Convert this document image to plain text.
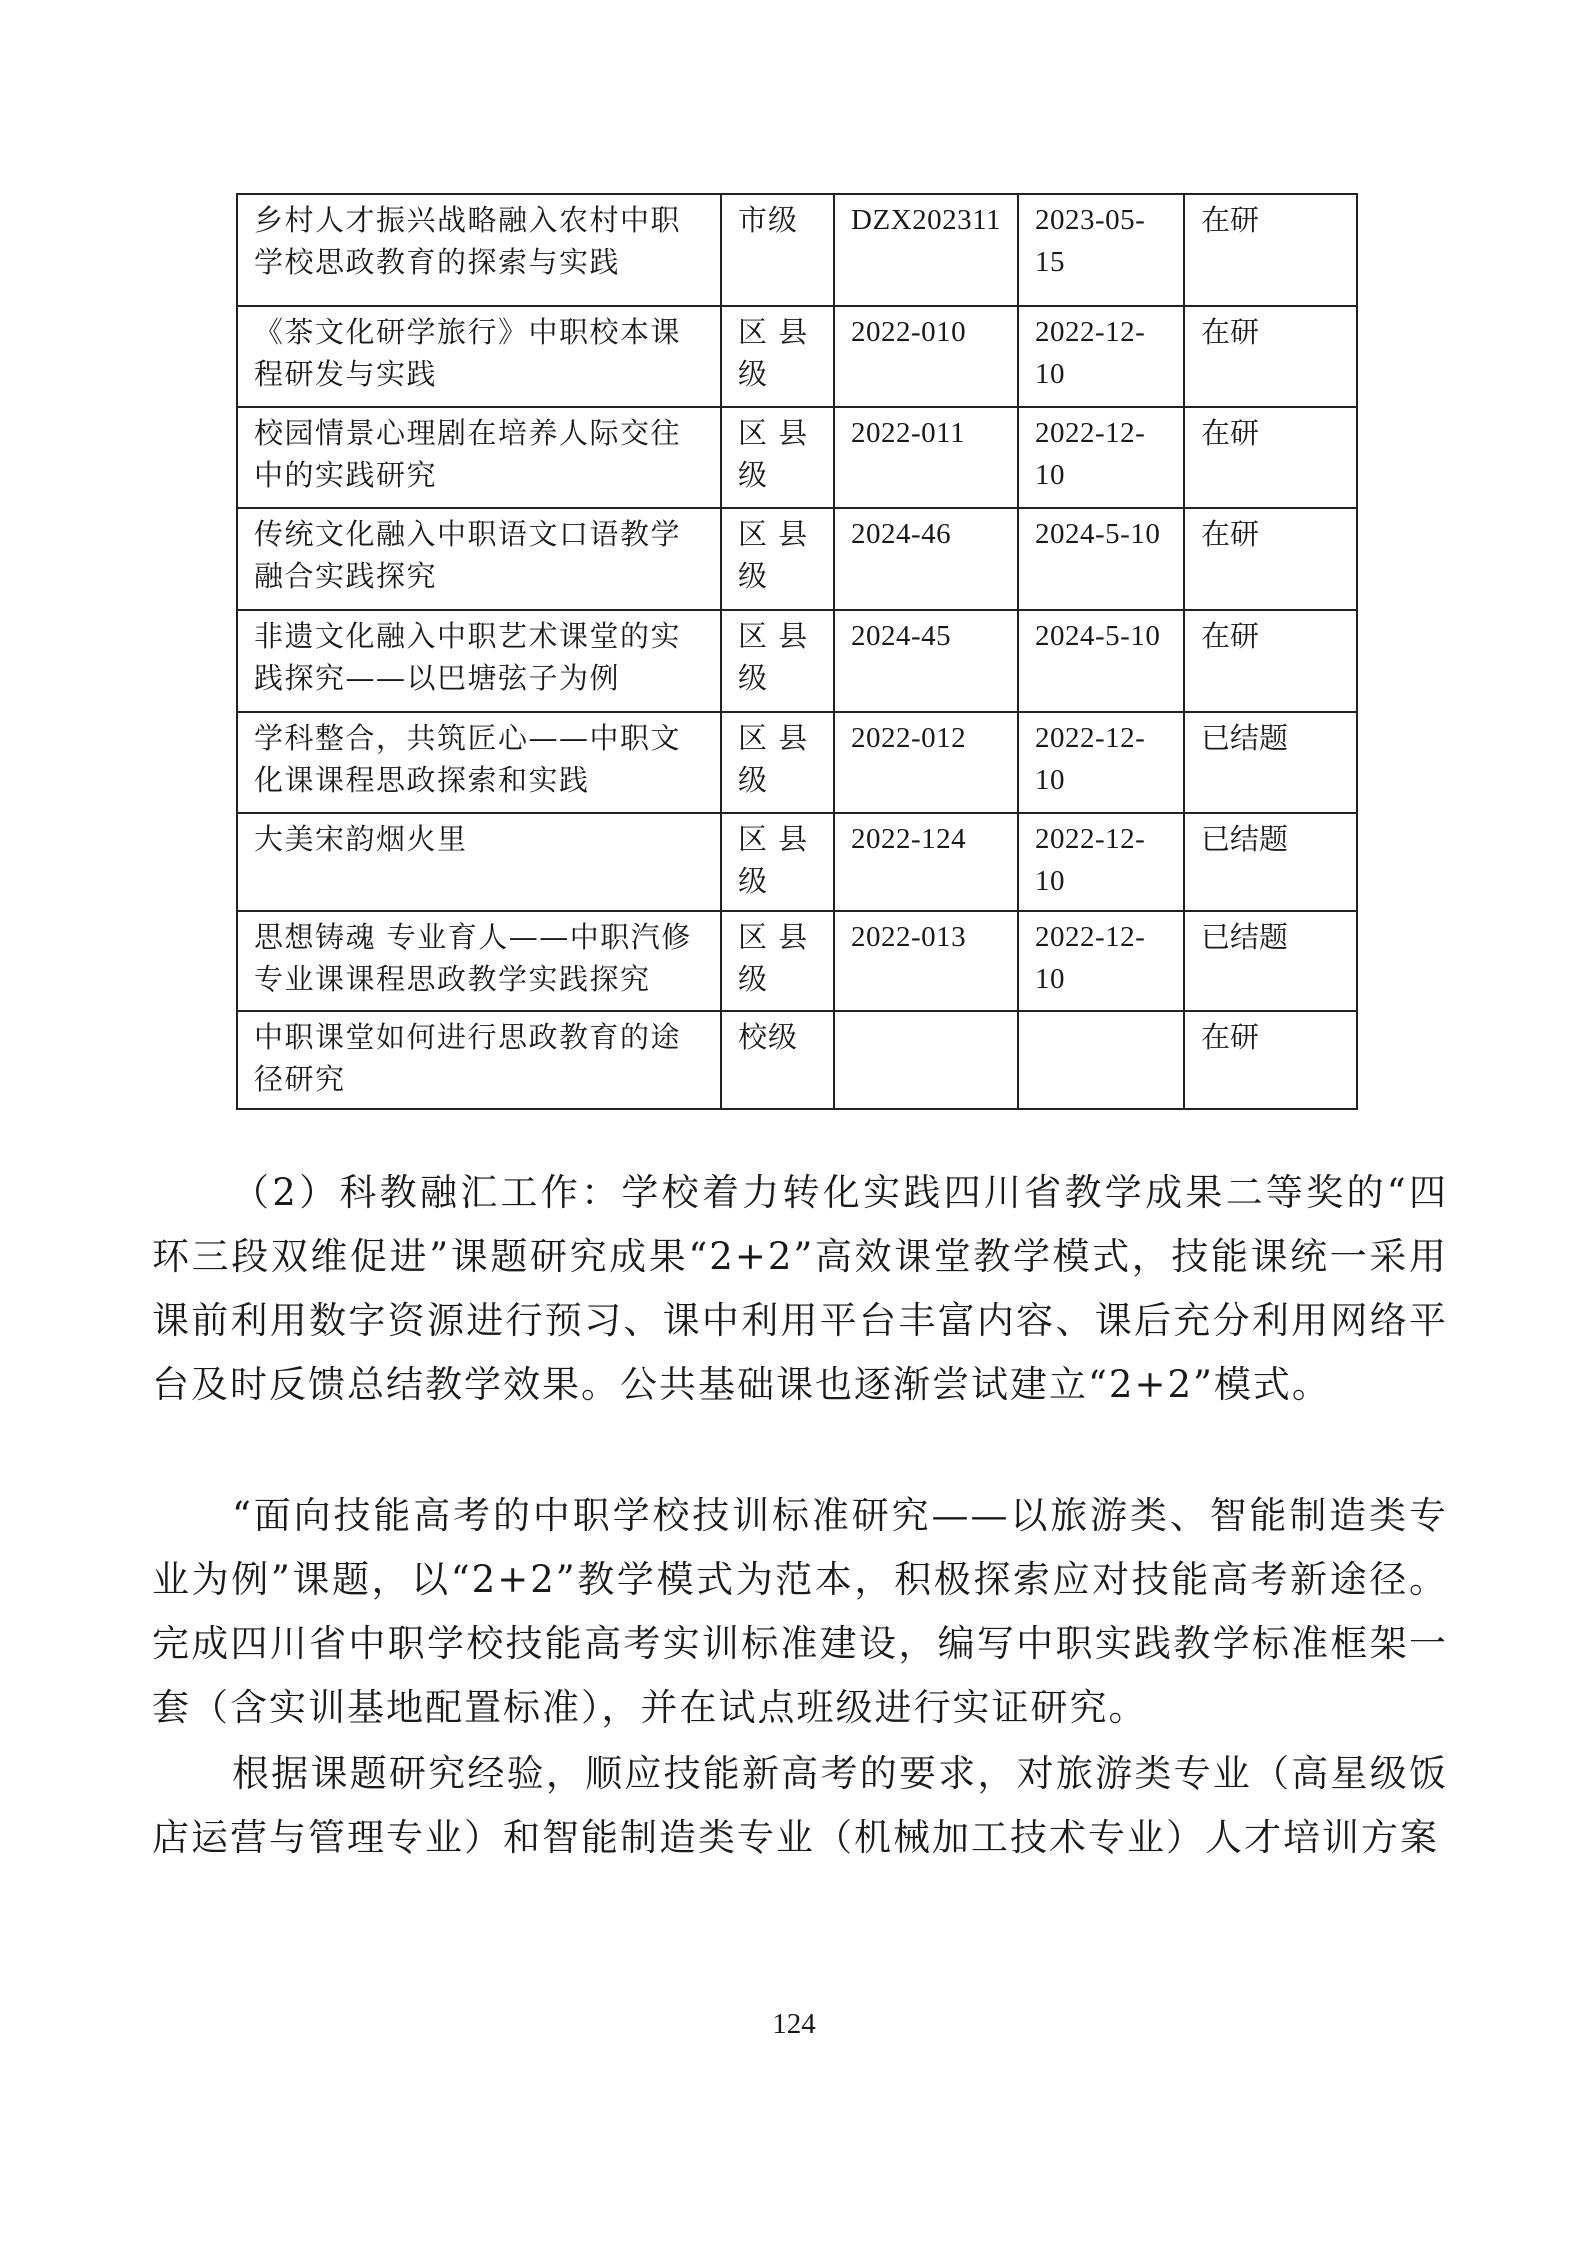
乡村人才振兴战略融入农村中职学校思政教育的探索与实践	市级	DZX202311	2023-05-15	在研
《茶文化研学旅行》中职校本课程研发与实践	区 县级	2022-010	2022-12-10	在研
校园情景心理剧在培养人际交往中的实践研究	区 县级	2022-011	2022-12-10	在研
传统文化融入中职语文口语教学融合实践探究	区 县级	2024-46	2024-5-10	在研
非遗文化融入中职艺术课堂的实践探究——以巴塘弦子为例	区 县级	2024-45	2024-5-10	在研
学科整合，共筑匠心——中职文化课课程思政探索和实践	区 县级	2022-012	2022-12-10	已结题
大美宋韵烟火里	区 县级	2022-124	2022-12-10	已结题
思想铸魂 专业育人——中职汽修专业课课程思政教学实践探究	区 县级	2022-013	2022-12-10	已结题
中职课堂如何进行思政教育的途径研究	校级			在研

（2）科教融汇工作：学校着力转化实践四川省教学成果二等奖的“四环三段双维促进”课题研究成果“2+2”高效课堂教学模式，技能课统一采用课前利用数字资源进行预习、课中利用平台丰富内容、课后充分利用网络平台及时反馈总结教学效果。公共基础课也逐渐尝试建立“2+2”模式。

“面向技能高考的中职学校技训标准研究——以旅游类、智能制造类专业为例”课题，以“2+2”教学模式为范本，积极探索应对技能高考新途径。完成四川省中职学校技能高考实训标准建设，编写中职实践教学标准框架一套（含实训基地配置标准），并在试点班级进行实证研究。

根据课题研究经验，顺应技能新高考的要求，对旅游类专业（高星级饭店运营与管理专业）和智能制造类专业（机械加工技术专业）人才培训方案

124
